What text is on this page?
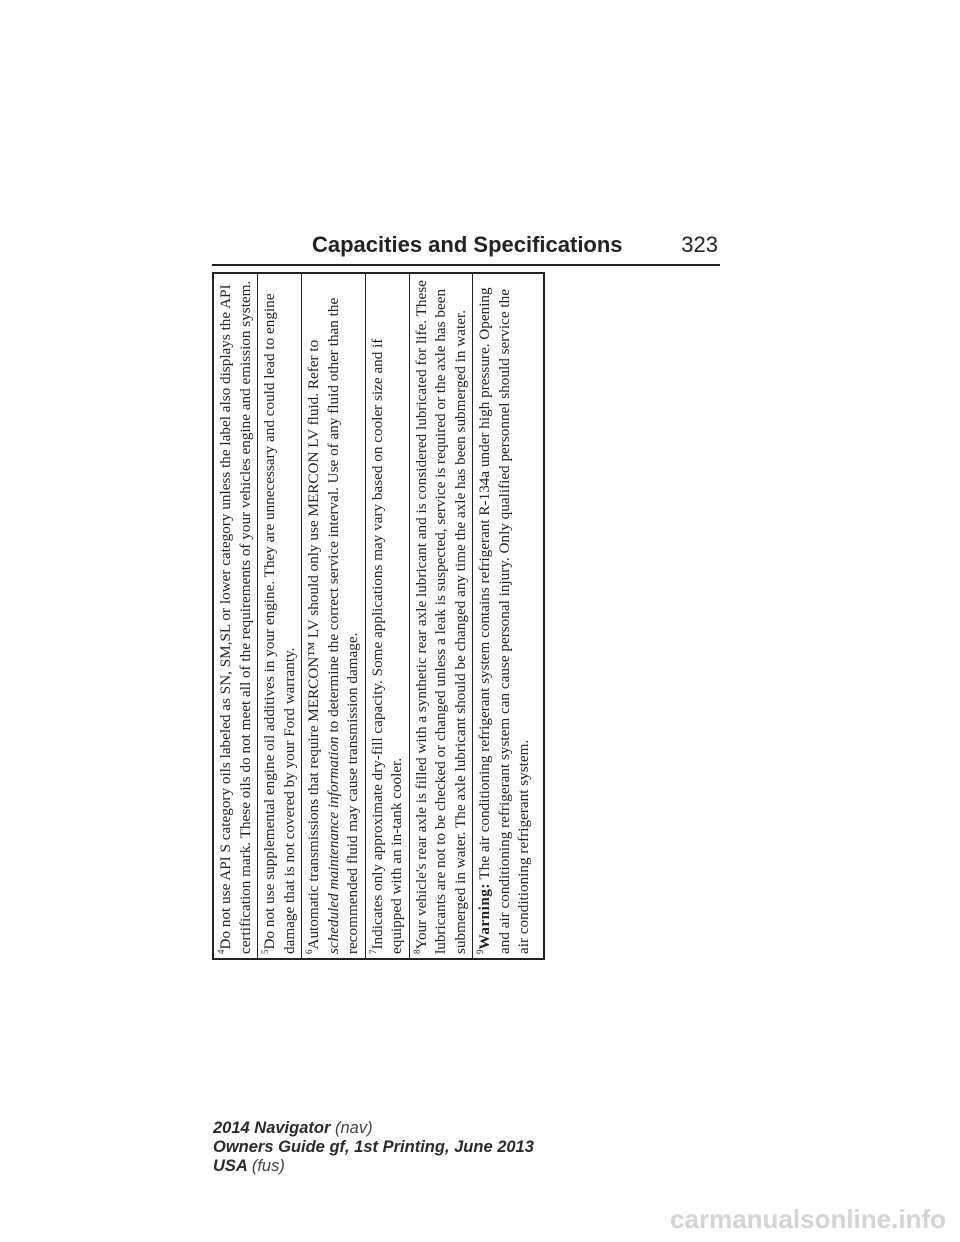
Capacities and Specifications	323
$^4$Do not use API S category oils labeled as SN, SM,SL or lower category unless the label also displays the API certification mark. These oils do not meet all of the requirements of your vehicles engine and emission system. $^5$Do not use supplemental engine oil additives in your engine. They are unnecessary and could lead to engine damage that is not covered by your Ford warranty. $^6$Automatic transmissions that require MERCON™ LV should only use MERCON LV fluid. Refer to scheduled maintenance information to determine the correct service interval. Use of any fluid other than the recommended fluid may cause transmission damage. $^7$Indicates only approximate dry-fill capacity. Some applications may vary based on cooler size and if equipped with an in-tank cooler. $^8$Your vehicle's rear axle is filled with a synthetic rear axle lubricant and is considered lubricated for life. These lubricants are not to be checked or changed unless a leak is suspected, service is required or the axle has been submerged in water. The axle lubricant should be changed any time the axle has been submerged in water. $^9$Warning: The air conditioning refrigerant system contains refrigerant R-134a under high pressure. Opening and air conditioning refrigerant system can cause personal injury. Only qualified personnel should service the air conditioning refrigerant system.
2014 Navigator (nav)
Owners Guide gf, 1st Printing, June 2013
USA (fus)
carmanualsonline.info
